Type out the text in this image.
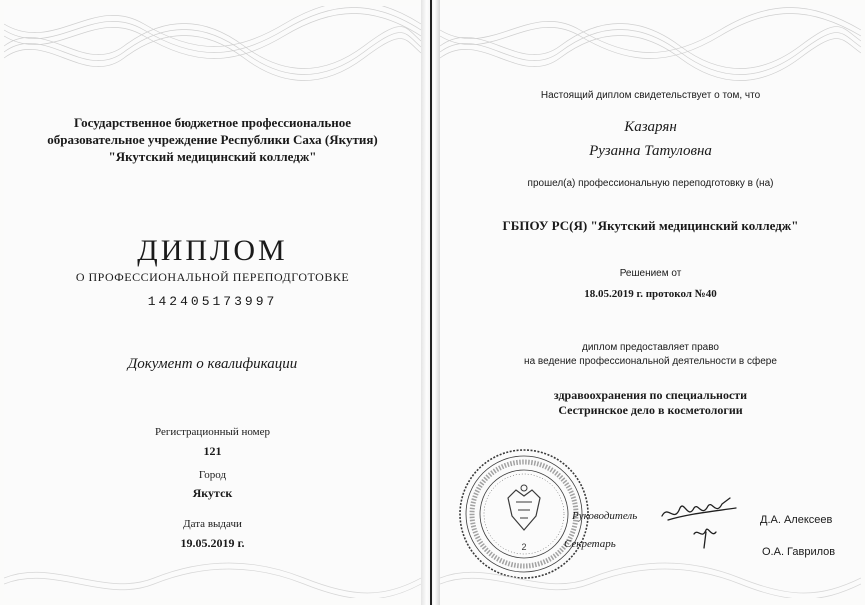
Государственное бюджетное профессиональное
образовательное учреждение Республики Саха (Якутия)
"Якутский медицинский колледж"
ДИПЛОМ
О ПРОФЕССИОНАЛЬНОЙ ПЕРЕПОДГОТОВКЕ
142405173997
Документ о квалификации
Регистрационный номер
121
Город
Якутск
Дата выдачи
19.05.2019 г.
Настоящий диплом свидетельствует о том, что
Казарян
Рузанна Татуловна
прошел(а) профессиональную переподготовку в (на)
ГБПОУ РС(Я) "Якутский медицинский колледж"
Решением от
18.05.2019 г. протокол №40
диплом предоставляет право
на ведение профессиональной деятельности в сфере
здравоохранения по специальности
Сестринское дело в косметологии
2
Руководитель	Д.А. Алексеев
Секретарь
О.А. Гаврилов
